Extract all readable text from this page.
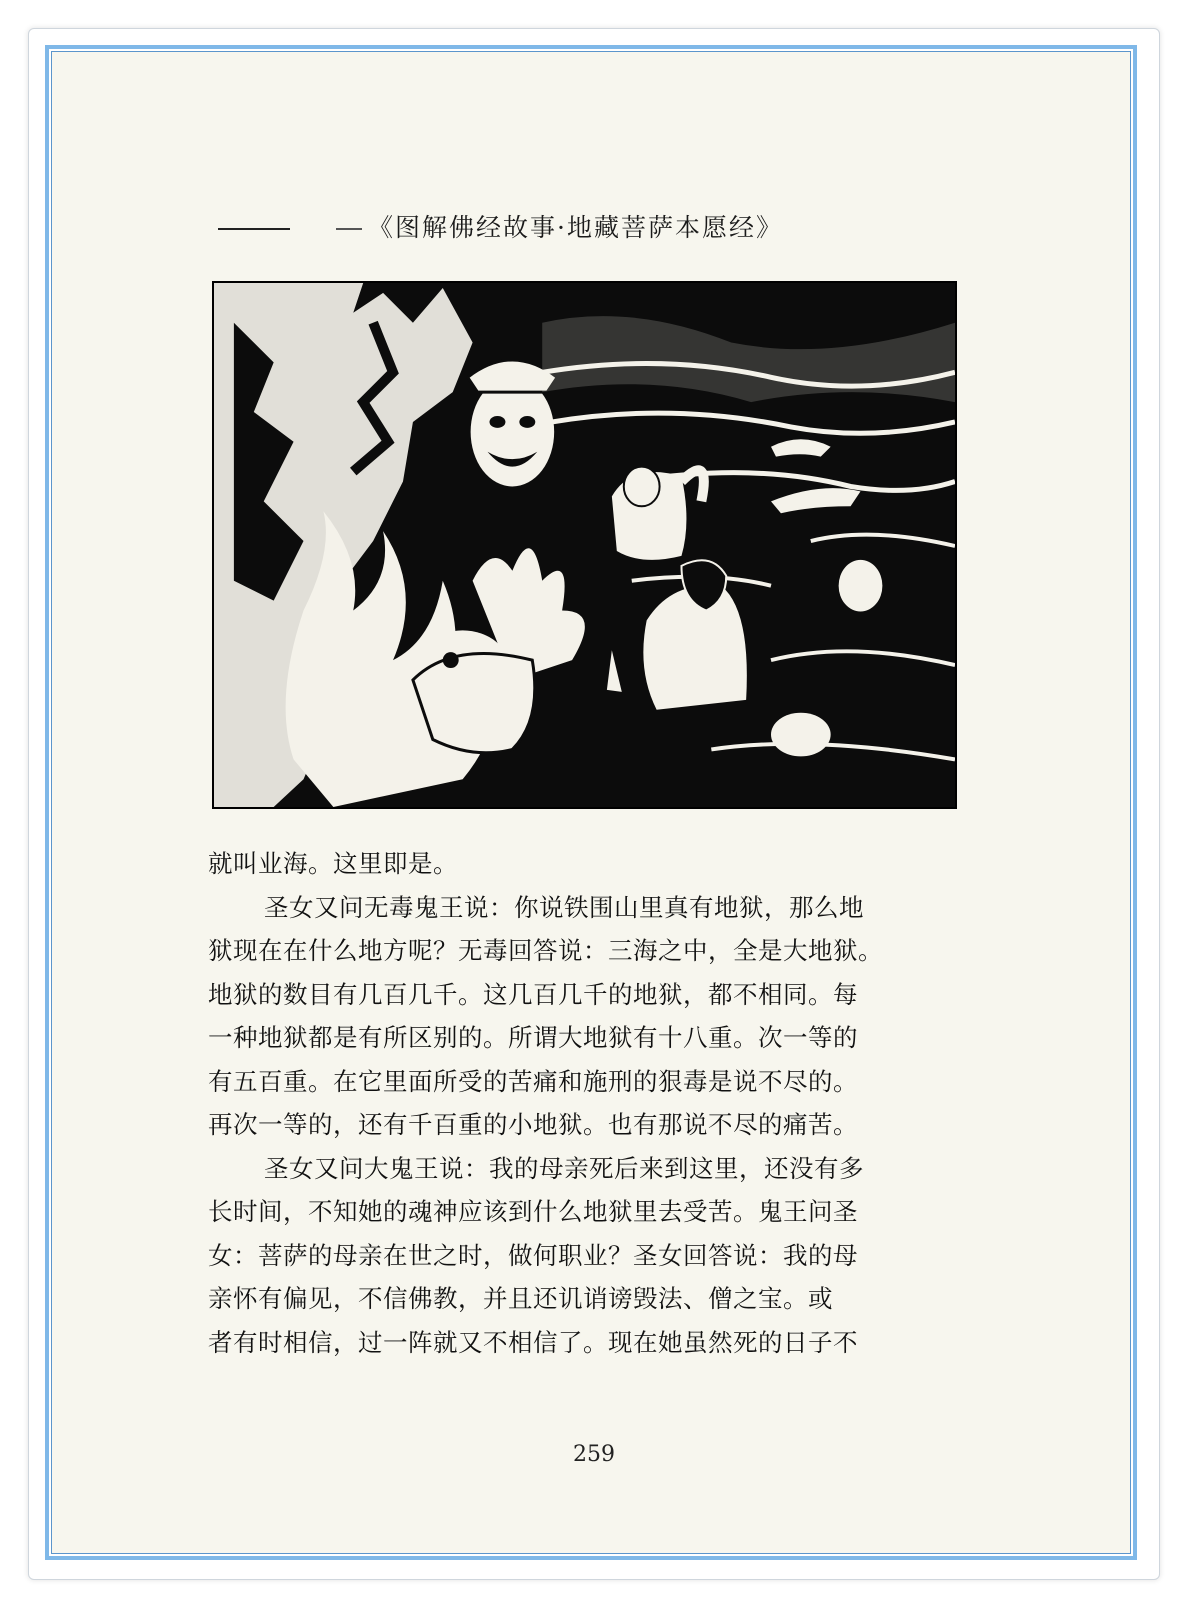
《图解佛经故事·地藏菩萨本愿经》

就叫业海。这里即是。

圣女又问无毒鬼王说：你说铁围山里真有地狱，那么地

狱现在在什么地方呢？无毒回答说：三海之中，全是大地狱。

地狱的数目有几百几千。这几百几千的地狱，都不相同。每

一种地狱都是有所区别的。所谓大地狱有十八重。次一等的

有五百重。在它里面所受的苦痛和施刑的狠毒是说不尽的。

再次一等的，还有千百重的小地狱。也有那说不尽的痛苦。

圣女又问大鬼王说：我的母亲死后来到这里，还没有多

长时间，不知她的魂神应该到什么地狱里去受苦。鬼王问圣

女：菩萨的母亲在世之时，做何职业？圣女回答说：我的母

亲怀有偏见，不信佛教，并且还讥诮谤毁法、僧之宝。或

者有时相信，过一阵就又不相信了。现在她虽然死的日子不

259
